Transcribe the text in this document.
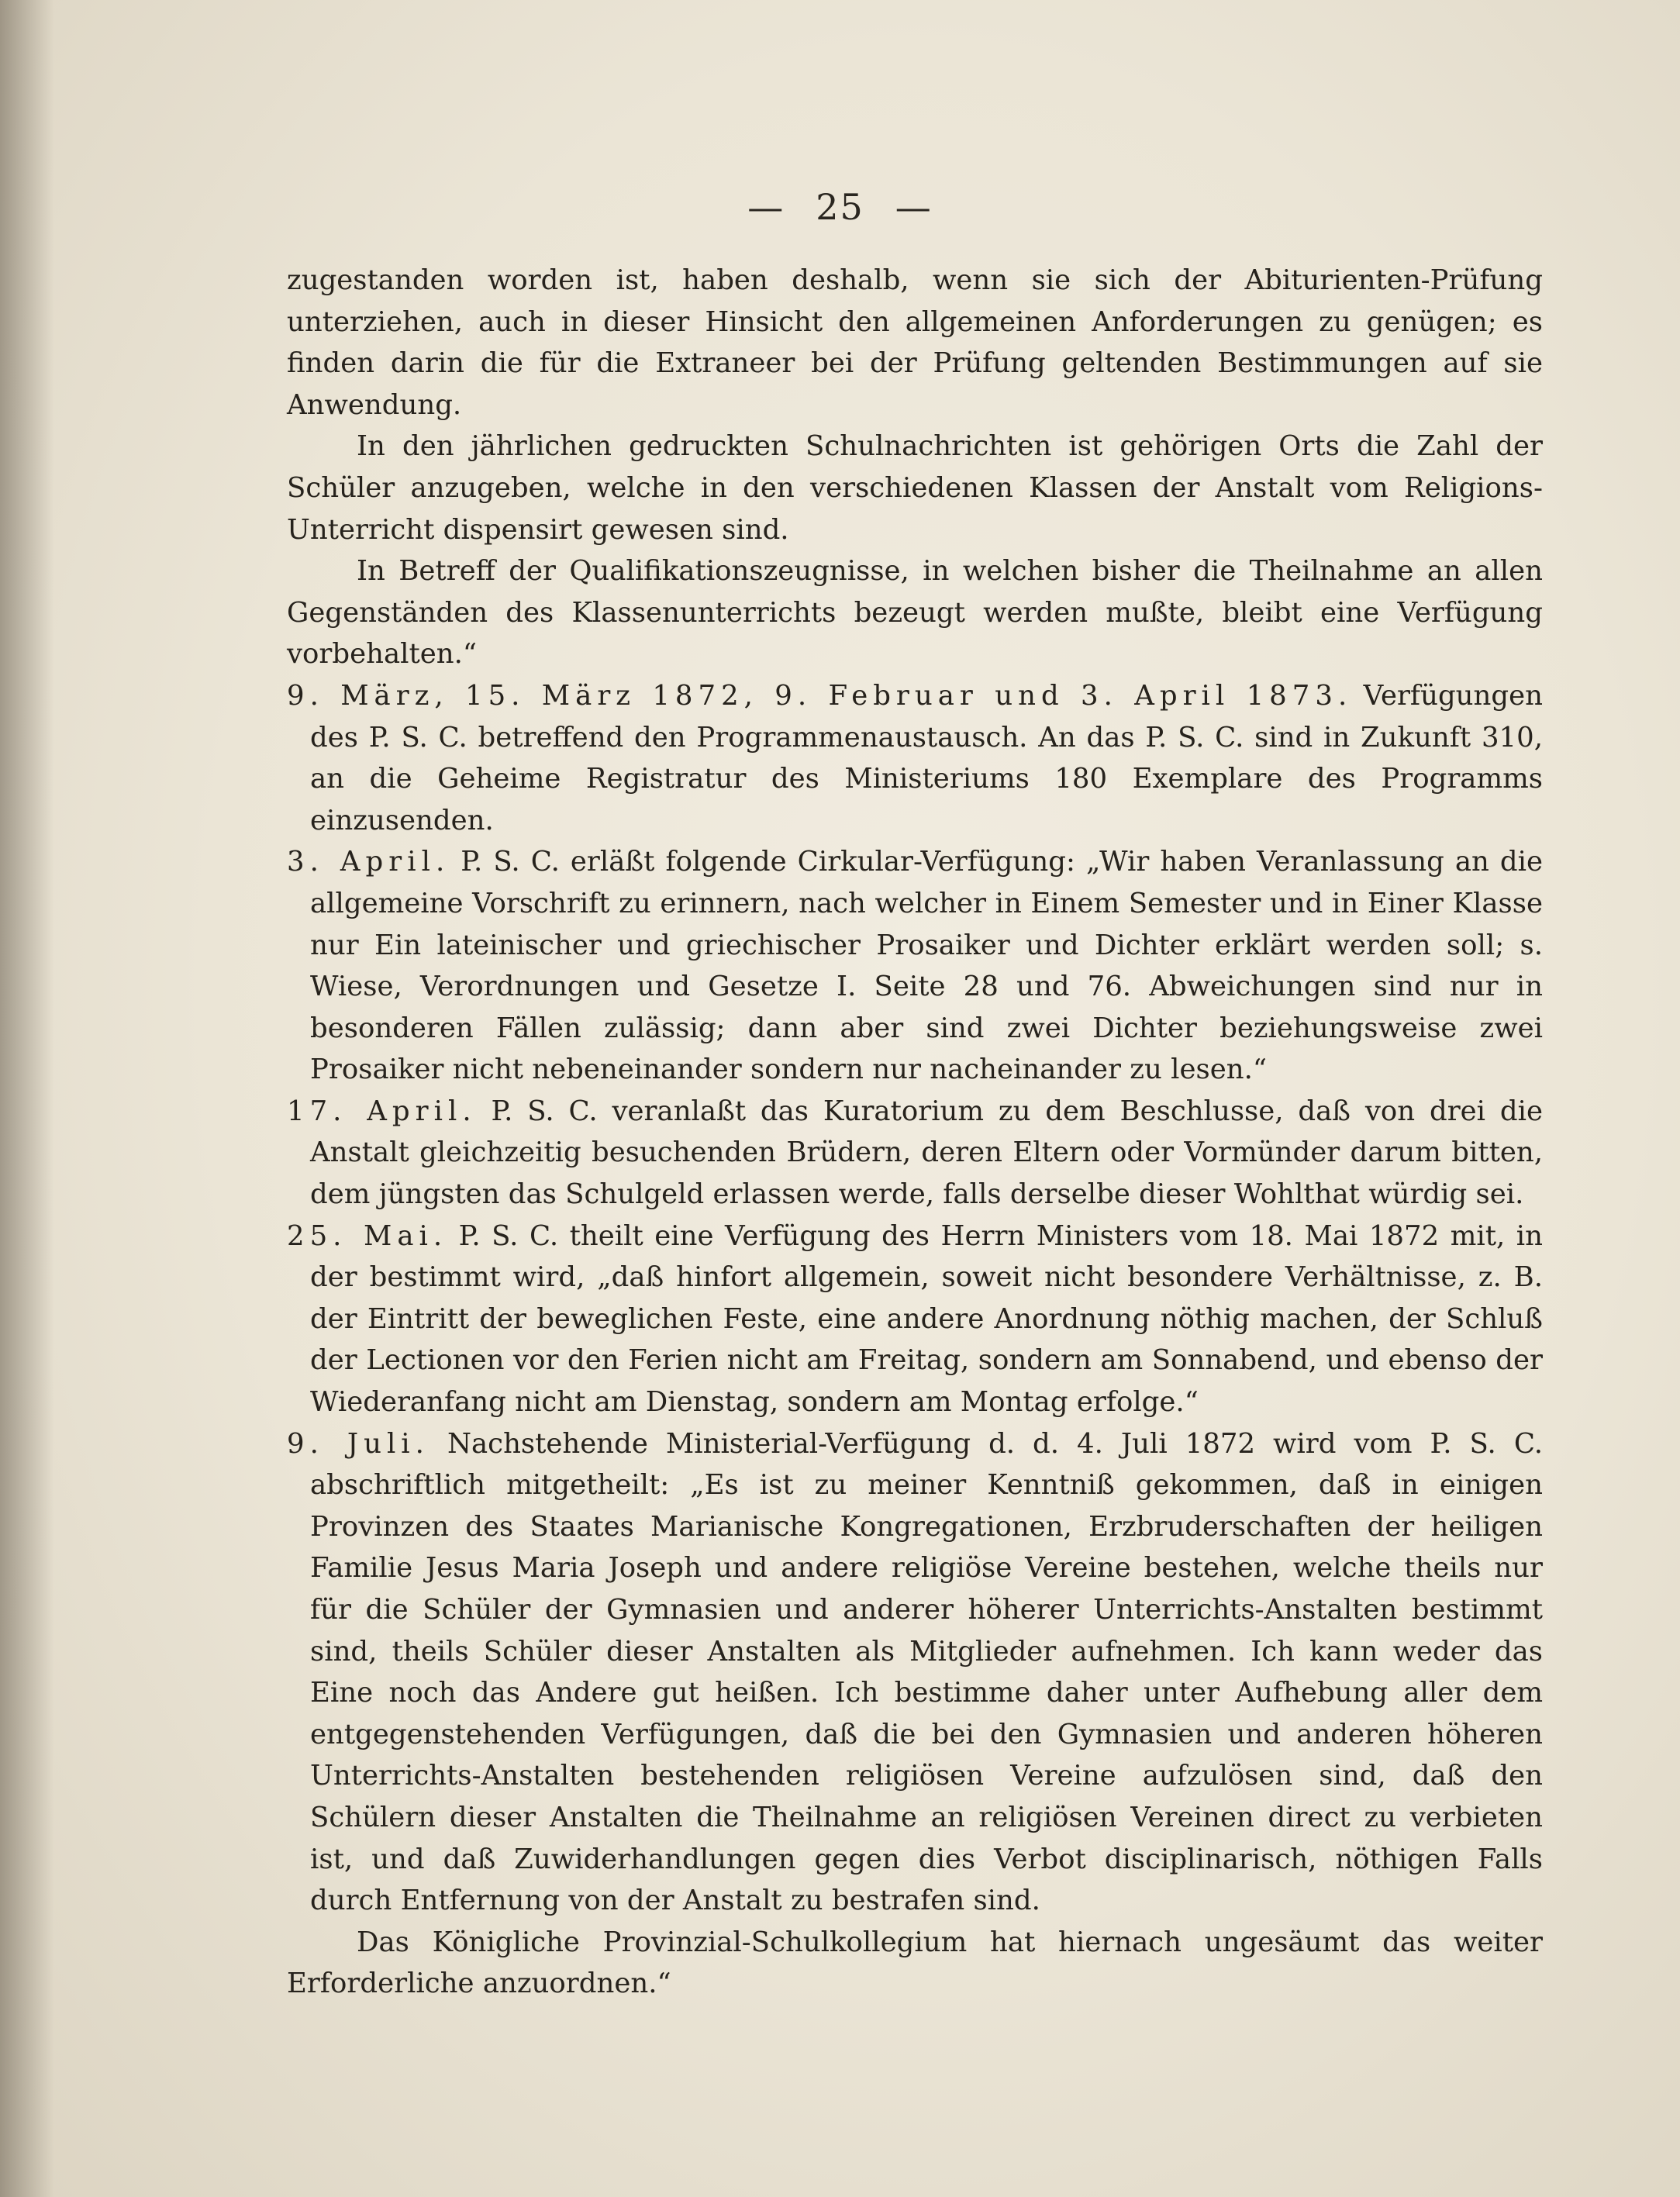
— 25 —

zugestanden worden ist, haben deshalb, wenn sie sich der Abiturienten-Prüfung unterziehen, auch in dieser Hinsicht den allgemeinen Anforderungen zu genügen; es finden darin die für die Extraneer bei der Prüfung geltenden Bestimmungen auf sie Anwendung.

In den jährlichen gedruckten Schulnachrichten ist gehörigen Orts die Zahl der Schüler anzugeben, welche in den verschiedenen Klassen der Anstalt vom Religions-Unterricht dispensirt gewesen sind.

In Betreff der Qualifikationszeugnisse, in welchen bisher die Theilnahme an allen Gegenständen des Klassenunterrichts bezeugt werden mußte, bleibt eine Verfügung vorbehalten.“

9. März, 15. März 1872, 9. Februar und 3. April 1873. Verfügungen des P. S. C. betreffend den Programmenaustausch. An das P. S. C. sind in Zukunft 310, an die Geheime Registratur des Ministeriums 180 Exemplare des Programms einzusenden.

3. April. P. S. C. erläßt folgende Cirkular-Verfügung: „Wir haben Veranlassung an die allgemeine Vorschrift zu erinnern, nach welcher in Einem Semester und in Einer Klasse nur Ein lateinischer und griechischer Prosaiker und Dichter erklärt werden soll; s. Wiese, Verordnungen und Gesetze I. Seite 28 und 76. Abweichungen sind nur in besonderen Fällen zulässig; dann aber sind zwei Dichter beziehungsweise zwei Prosaiker nicht nebeneinander sondern nur nacheinander zu lesen.“

17. April. P. S. C. veranlaßt das Kuratorium zu dem Beschlusse, daß von drei die Anstalt gleichzeitig besuchenden Brüdern, deren Eltern oder Vormünder darum bitten, dem jüngsten das Schulgeld erlassen werde, falls derselbe dieser Wohlthat würdig sei.

25. Mai. P. S. C. theilt eine Verfügung des Herrn Ministers vom 18. Mai 1872 mit, in der bestimmt wird, „daß hinfort allgemein, soweit nicht besondere Verhältnisse, z. B. der Eintritt der beweglichen Feste, eine andere Anordnung nöthig machen, der Schluß der Lectionen vor den Ferien nicht am Freitag, sondern am Sonnabend, und ebenso der Wiederanfang nicht am Dienstag, sondern am Montag erfolge.“

9. Juli. Nachstehende Ministerial-Verfügung d. d. 4. Juli 1872 wird vom P. S. C. abschriftlich mitgetheilt: „Es ist zu meiner Kenntniß gekommen, daß in einigen Provinzen des Staates Marianische Kongregationen, Erzbruderschaften der heiligen Familie Jesus Maria Joseph und andere religiöse Vereine bestehen, welche theils nur für die Schüler der Gymnasien und anderer höherer Unterrichts-Anstalten bestimmt sind, theils Schüler dieser Anstalten als Mitglieder aufnehmen. Ich kann weder das Eine noch das Andere gut heißen. Ich bestimme daher unter Aufhebung aller dem entgegenstehenden Verfügungen, daß die bei den Gymnasien und anderen höheren Unterrichts-Anstalten bestehenden religiösen Vereine aufzulösen sind, daß den Schülern dieser Anstalten die Theilnahme an religiösen Vereinen direct zu verbieten ist, und daß Zuwiderhandlungen gegen dies Verbot disciplinarisch, nöthigen Falls durch Entfernung von der Anstalt zu bestrafen sind.

Das Königliche Provinzial-Schulkollegium hat hiernach ungesäumt das weiter Erforderliche anzuordnen.“
